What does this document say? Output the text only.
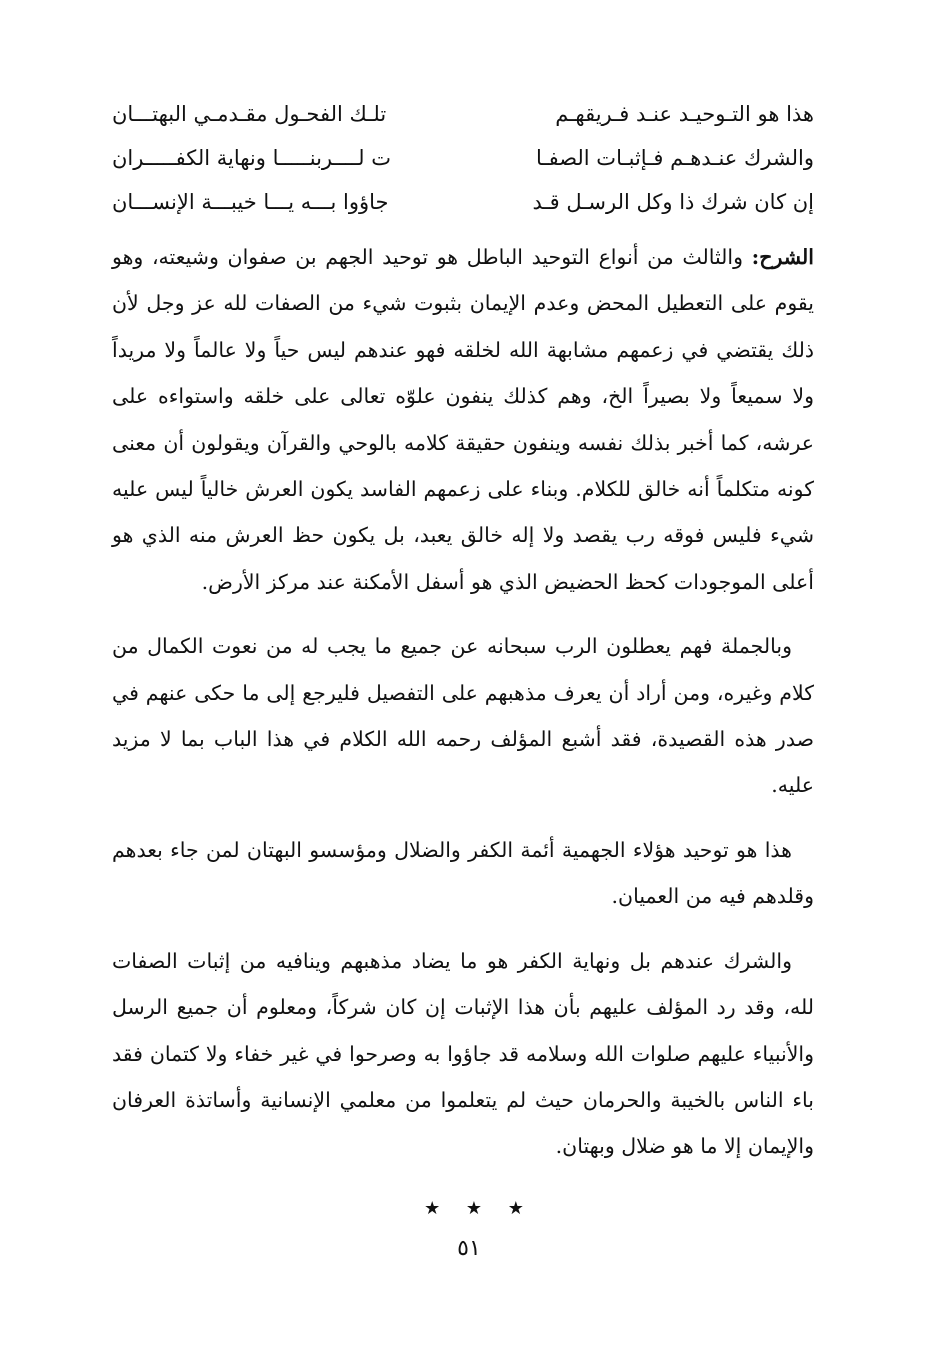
هذا هو التـوحيـد عنـد فـريقهـم
تلـك الفحـول مقـدمـي البهتـــان
والشرك عنـدهـم فـإثبـات الصفـا
ت لــــربنـــــا ونهاية الكفـــــران
إن كان شرك ذا وكل الرسـل قـد
جاؤوا بـــه يـــا خيبـــة الإنســـان

الشرح: والثالث من أنواع التوحيد الباطل هو توحيد الجهم بن صفوان وشيعته، وهو يقوم على التعطيل المحض وعدم الإيمان بثبوت شيء من الصفات لله عز وجل لأن ذلك يقتضي في زعمهم مشابهة الله لخلقه فهو عندهم ليس حياً ولا عالماً ولا مريداً ولا سميعاً ولا بصيراً الخ، وهم كذلك ينفون علوّه تعالى على خلقه واستواءه على عرشه، كما أخبر بذلك نفسه وينفون حقيقة كلامه بالوحي والقرآن ويقولون أن معنى كونه متكلماً أنه خالق للكلام. وبناء على زعمهم الفاسد يكون العرش خالياً ليس عليه شيء فليس فوقه رب يقصد ولا إله خالق يعبد، بل يكون حظ العرش منه الذي هو أعلى الموجودات كحظ الحضيض الذي هو أسفل الأمكنة عند مركز الأرض.

وبالجملة فهم يعطلون الرب سبحانه عن جميع ما يجب له من نعوت الكمال من كلام وغيره، ومن أراد أن يعرف مذهبهم على التفصيل فليرجع إلى ما حكى عنهم في صدر هذه القصيدة، فقد أشبع المؤلف رحمه الله الكلام في هذا الباب بما لا مزيد عليه.

هذا هو توحيد هؤلاء الجهمية أئمة الكفر والضلال ومؤسسو البهتان لمن جاء بعدهم وقلدهم فيه من العميان.

والشرك عندهم بل ونهاية الكفر هو ما يضاد مذهبهم وينافيه من إثبات الصفات لله، وقد رد المؤلف عليهم بأن هذا الإثبات إن كان شركاً، ومعلوم أن جميع الرسل والأنبياء عليهم صلوات الله وسلامه قد جاؤوا به وصرحوا في غير خفاء ولا كتمان فقد باء الناس بالخيبة والحرمان حيث لم يتعلموا من معلمي الإنسانية وأساتذة العرفان والإيمان إلا ما هو ضلال وبهتان.

★ ★ ★
٥١
